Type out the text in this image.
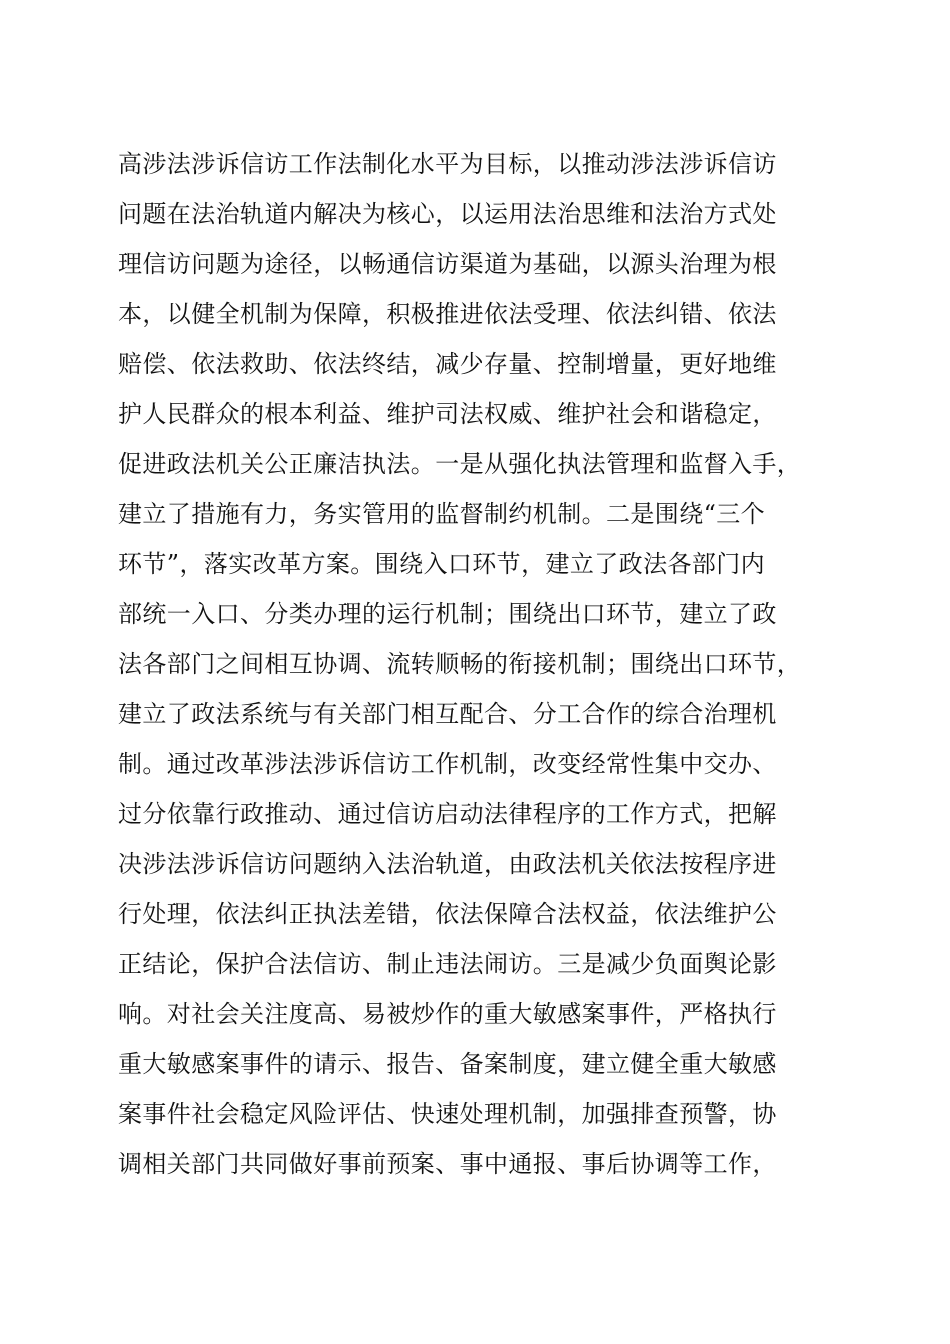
高涉法涉诉信访工作法制化水平为目标，以推动涉法涉诉信访
问题在法治轨道内解决为核心，以运用法治思维和法治方式处
理信访问题为途径，以畅通信访渠道为基础，以源头治理为根
本，以健全机制为保障，积极推进依法受理、依法纠错、依法
赔偿、依法救助、依法终结，减少存量、控制增量，更好地维
护人民群众的根本利益、维护司法权威、维护社会和谐稳定，
促进政法机关公正廉洁执法。一是从强化执法管理和监督入手，
建立了措施有力，务实管用的监督制约机制。二是围绕“三个
环节”，落实改革方案。围绕入口环节，建立了政法各部门内
部统一入口、分类办理的运行机制；围绕出口环节，建立了政
法各部门之间相互协调、流转顺畅的衔接机制；围绕出口环节，
建立了政法系统与有关部门相互配合、分工合作的综合治理机
制。通过改革涉法涉诉信访工作机制，改变经常性集中交办、
过分依靠行政推动、通过信访启动法律程序的工作方式，把解
决涉法涉诉信访问题纳入法治轨道，由政法机关依法按程序进
行处理，依法纠正执法差错，依法保障合法权益，依法维护公
正结论，保护合法信访、制止违法闹访。三是减少负面舆论影
响。对社会关注度高、易被炒作的重大敏感案事件，严格执行
重大敏感案事件的请示、报告、备案制度，建立健全重大敏感
案事件社会稳定风险评估、快速处理机制，加强排查预警，协
调相关部门共同做好事前预案、事中通报、事后协调等工作，
